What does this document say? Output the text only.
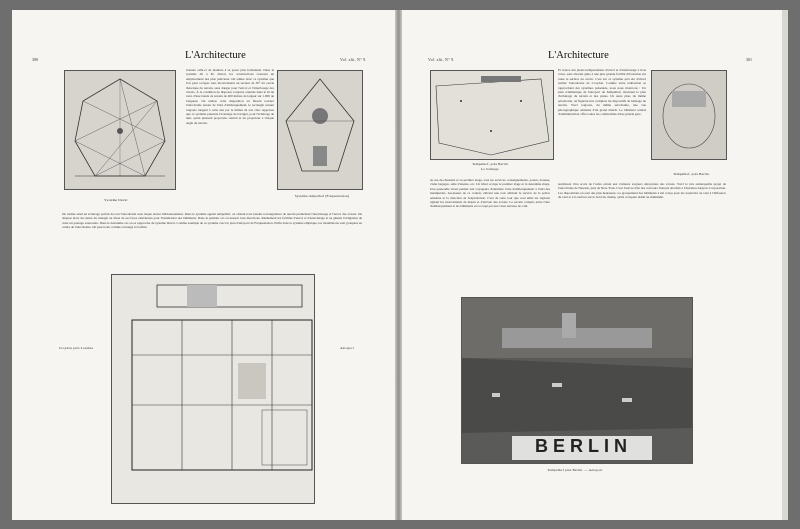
300	L'Architecture	Vol. xlii, N° 9.
Système Duval
tionnée celle-ci de manière à se poser plus facilement. Dans le système dit à M. Duval, les constructions trouvent un emplacement des plus judicieux. On admet donc ce système que l'on peut occuper sans inconvénient un secteur de 30° du cercle théorique du terrain, sans danger pour l'envol et l'atterrissage des avions. À la condition de disposer, toujours orientés dans le lit du vent, d'une bande de terrain de 400 mètres de largeur sur 1.000 de longueur. On réalise cette disposition en faisant tourner l'aérodrome autour de l'aire d'embarquement, le rectangle restant toujours tangent à cette aire par le milieu de son côté. Apportez que ce système présente l'avantage de n'exiger, pour l'éclairage de nuit, qu'un puissant projecteur central et un projecteur à chaque angle du terrain.
Système tempelhof (Fréquentation)
On réalise ainsi un éclairage parfait de tout l'aérodrome sans risque aucun d'éblouissement. Dans le système appelé tempelhof, on obtient trois bandes rectangulaires de terrain permettant l'atterrissage et l'envol des avions. On dispose alors du centre du triangle ou d'une de ses faces extérieures pour l'installation des bâtiments. Dans le premier cas on dessert trois directions. Réellement les facilités d'envol et d'atterrissage et ne gênent l'obligation de créer un passage souterrain. Dans le deuxième cas on se rapproche du système Duval. Comme exemple de ce système voici le plan d'aéroport de Fréquentation. Enfin dans le système elliptique, les installations sont groupées au centre de l'aérodrome. On peut noter comme avantage la facilité.
Croydon près Londres	Aéroport
Vol. xlii, N° 9.	L'Architecture	301
Tempelhof, près Berlin
Le balisage
Et trouve des pistes indépendantes d'envol et d'atterrissage à trois voies, sans aborder gêne à une plus grande facilité d'évolution sur toute la surface du cercle. C'est sur ce système qu'a été d'abord réalisé l'aérodrome de Croydon. Comme autre réalisation se rapprochant des systèmes présentés, nous nous montrons : Un plan schématique de l'aéroport de Tempelhof, montrant le plan d'éclairage du terrain et des pistes. Un autre plan, du même aérodrome, où figurent très complets les dispositifs de balisage du terrain. Voici toujours, du même aérodrome, une vue photographique aérienne d'un grand intérêt. Le bâtiment central d'administration offre toutes les commodités d'une grande gare.
Tempelhof, près Berlin
au rez-de-chaussée et au premier étage, tous les services, renseignements, postes, douane, visite bagages, salle d'attente, etc. Un hôtel occupe le premier étage et le deuxième étage. Une passerelle vitrée permet aux voyageurs d'atteindre l'aire d'embarquement à l'abri des intempéries. Au-dessus de ce couloir, élèvent une tour abritant le service de la police aérienne et la direction de l'exploitation. C'est de cette tour que sont émis les signaux réglant les mouvements de départ et d'arrivée des avions. Le terrain compris entre l'aire d'embarquement et les bâtiments est occupé par une vaste terrasse de café.
nombreux d'un accès de l'ordre existé aux visiteurs toujours attrayantes des avions. Voici le très remarquable projet de l'aérodrome de Newark, près de New-York. C'est l'œuvre d'un des concours français attachés à l'Aviation Airports Corporation. Les dispositions en sont des plus heureuses. Le groupement des bâtiments à été conçu pour les soustraire au vent à l'influence du vent et à la surface sur le bord du champ, qu'ils occupent réduit au minimum.
BERLIN
Tempelhof près Berlin. — Aéroport
